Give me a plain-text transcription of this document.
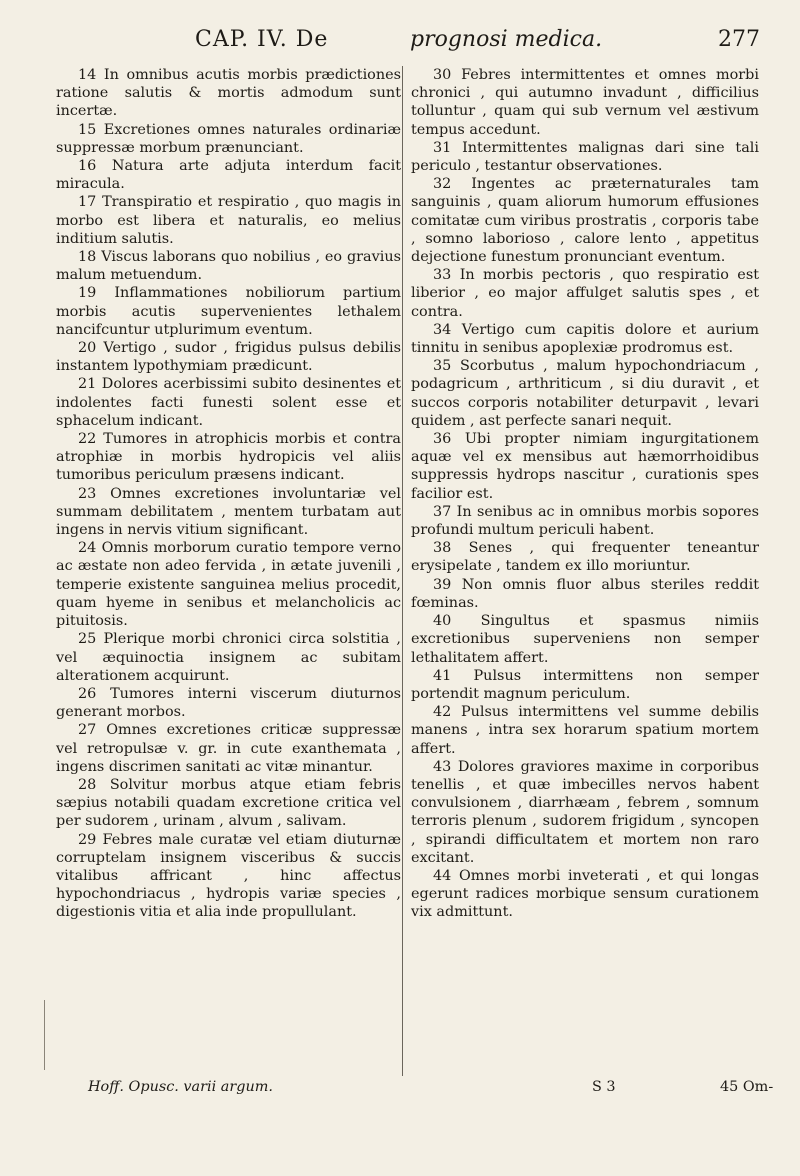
CAP. IV. De	prognosi medica.	277

14 In omnibus acutis morbis prædictiones ratione salutis & mortis admodum sunt incertæ.

15 Excretiones omnes naturales ordinariæ suppressæ morbum prænunciant.

16 Natura arte adjuta interdum facit miracula.

17 Transpiratio et respiratio , quo magis in morbo est libera et naturalis, eo melius inditium salutis.

18 Viscus laborans quo nobilius , eo gravius malum metuendum.

19 Inflammationes nobiliorum partium morbis acutis supervenientes lethalem nancifcuntur utplurimum eventum.

20 Vertigo , sudor , frigidus pulsus debilis instantem lypothymiam prædicunt.

21 Dolores acerbissimi subito desinentes et indolentes facti funesti solent esse et sphacelum indicant.

22 Tumores in atrophicis morbis et contra atrophiæ in morbis hydropicis vel aliis tumoribus periculum præsens indicant.

23 Omnes excretiones involuntariæ vel summam debilitatem , mentem turbatam aut ingens in nervis vitium significant.

24 Omnis morborum curatio tempore verno ac æstate non adeo fervida , in ætate juvenili , temperie existente sanguinea melius procedit, quam hyeme in senibus et melancholicis ac pituitosis.

25 Plerique morbi chronici circa solstitia , vel æquinoctia insignem ac subitam alterationem acquirunt.

26 Tumores interni viscerum diuturnos generant morbos.

27 Omnes excretiones criticæ suppressæ vel retropulsæ v. gr. in cute exanthemata , ingens discrimen sanitati ac vitæ minantur.

28 Solvitur morbus atque etiam febris sæpius notabili quadam excretione critica vel per sudorem , urinam , alvum , salivam.

29 Febres male curatæ vel etiam diuturnæ corruptelam insignem visceribus & succis vitalibus affricant , hinc affectus hypochondriacus , hydropis variæ species , digestionis vitia et alia inde propullulant.

30 Febres intermittentes et omnes morbi chronici , qui autumno invadunt , difficilius tolluntur , quam qui sub vernum vel æstivum tempus accedunt.

31 Intermittentes malignas dari sine tali periculo , testantur observationes.

32 Ingentes ac præternaturales tam sanguinis , quam aliorum humorum effusiones comitatæ cum viribus prostratis , corporis tabe , somno laborioso , calore lento , appetitus dejectione funestum pronunciant eventum.

33 In morbis pectoris , quo respiratio est liberior , eo major affulget salutis spes , et contra.

34 Vertigo cum capitis dolore et aurium tinnitu in senibus apoplexiæ prodromus est.

35 Scorbutus , malum hypochondriacum , podagricum , arthriticum , si diu duravit , et succos corporis notabiliter deturpavit , levari quidem , ast perfecte sanari nequit.

36 Ubi propter nimiam ingurgitationem aquæ vel ex mensibus aut hæmorrhoidibus suppressis hydrops nascitur , curationis spes facilior est.

37 In senibus ac in omnibus morbis sopores profundi multum periculi habent.

38 Senes , qui frequenter teneantur erysipelate , tandem ex illo moriuntur.

39 Non omnis fluor albus steriles reddit fœminas.

40 Singultus et spasmus nimiis excretionibus superveniens non semper lethalitatem affert.

41 Pulsus intermittens non semper portendit magnum periculum.

42 Pulsus intermittens vel summe debilis manens , intra sex horarum spatium mortem affert.

43 Dolores graviores maxime in corporibus tenellis , et quæ imbecilles nervos habent convulsionem , diarrhæam , febrem , somnum terroris plenum , sudorem frigidum , syncopen , spirandi difficultatem et mortem non raro excitant.

44 Omnes morbi inveterati , et qui longas egerunt radices morbique sensum curationem vix admittunt.

Hoff. Opusc. varii argum.	S 3	45 Om-
